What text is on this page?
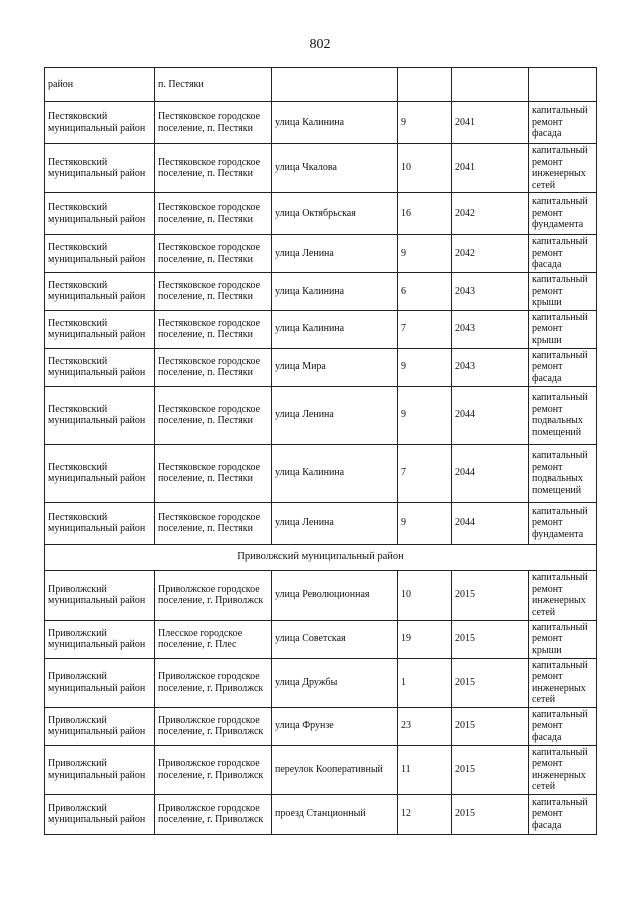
802
район	п. Пестяки				
Пестяковский муниципальный район	Пестяковское городское поселение, п. Пестяки	улица Калинина	9	2041	капитальный ремонт фасада
Пестяковский муниципальный район	Пестяковское городское поселение, п. Пестяки	улица Чкалова	10	2041	капитальный ремонт инженерных сетей
Пестяковский муниципальный район	Пестяковское городское поселение, п. Пестяки	улица Октябрьская	16	2042	капитальный ремонт фундамента
Пестяковский муниципальный район	Пестяковское городское поселение, п. Пестяки	улица Ленина	9	2042	капитальный ремонт фасада
Пестяковский муниципальный район	Пестяковское городское поселение, п. Пестяки	улица Калинина	6	2043	капитальный ремонт крыши
Пестяковский муниципальный район	Пестяковское городское поселение, п. Пестяки	улица Калинина	7	2043	капитальный ремонт крыши
Пестяковский муниципальный район	Пестяковское городское поселение, п. Пестяки	улица Мира	9	2043	капитальный ремонт фасада
Пестяковский муниципальный район	Пестяковское городское поселение, п. Пестяки	улица Ленина	9	2044	капитальный ремонт подвальных помещений
Пестяковский муниципальный район	Пестяковское городское поселение, п. Пестяки	улица Калинина	7	2044	капитальный ремонт подвальных помещений
Пестяковский муниципальный район	Пестяковское городское поселение, п. Пестяки	улица Ленина	9	2044	капитальный ремонт фундамента
Приволжский муниципальный район					
Приволжский муниципальный район	Приволжское городское поселение, г. Приволжск	улица Революционная	10	2015	капитальный ремонт инженерных сетей
Приволжский муниципальный район	Плесское городское поселение, г. Плес	улица Советская	19	2015	капитальный ремонт крыши
Приволжский муниципальный район	Приволжское городское поселение, г. Приволжск	улица Дружбы	1	2015	капитальный ремонт инженерных сетей
Приволжский муниципальный район	Приволжское городское поселение, г. Приволжск	улица Фрунзе	23	2015	капитальный ремонт фасада
Приволжский муниципальный район	Приволжское городское поселение, г. Приволжск	переулок Кооперативный	11	2015	капитальный ремонт инженерных сетей
Приволжский муниципальный район	Приволжское городское поселение, г. Приволжск	проезд Станционный	12	2015	капитальный ремонт фасада
